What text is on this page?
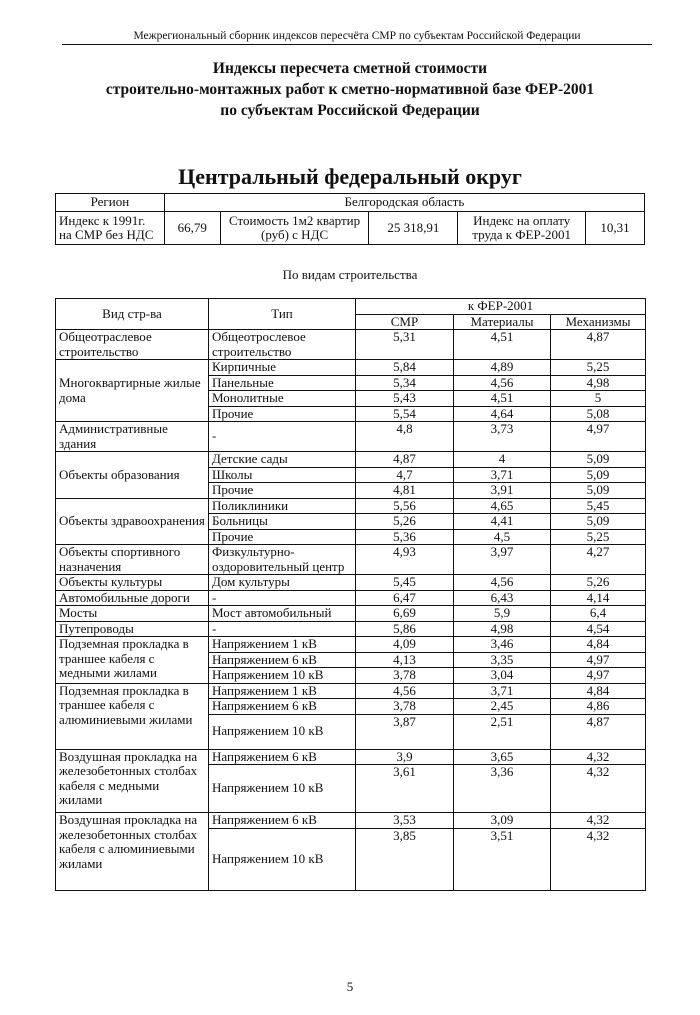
Межрегиональный сборник индексов пересчёта СМР по субъектам Российской Федерации
Индексы пересчета сметной стоимости
строительно-монтажных работ к сметно-нормативной базе ФЕР-2001
по субъектам Российской Федерации
Центральный федеральный округ
Регион	Белгородская область				
Индекс к 1991г. на СМР без НДС	66,79	Стоимость 1м2 квартир (руб) с НДС	25 318,91	Индекс на оплату труда к ФЕР-2001	10,31
По видам строительства
Вид стр-ва	Тип	к ФЕР-2001		
		СМР	Материалы	Механизмы
Общеотраслевое строительство	Общеотрослевое строительство	5,31	4,51	4,87
Многоквартирные жилые дома	Кирпичные	5,84	4,89	5,25
	Панельные	5,34	4,56	4,98
	Монолитные	5,43	4,51	5
	Прочие	5,54	4,64	5,08
Административные здания	-	4,8	3,73	4,97
Объекты образования	Детские сады	4,87	4	5,09
	Школы	4,7	3,71	5,09
	Прочие	4,81	3,91	5,09
Объекты здравоохранения	Поликлиники	5,56	4,65	5,45
	Больницы	5,26	4,41	5,09
	Прочие	5,36	4,5	5,25
Объекты спортивного назначения	Физкультурно-оздоровительный центр	4,93	3,97	4,27
Объекты культуры	Дом культуры	5,45	4,56	5,26
Автомобильные дороги	-	6,47	6,43	4,14
Мосты	Мост автомобильный	6,69	5,9	6,4
Путепроводы	-	5,86	4,98	4,54
Подземная прокладка в траншее кабеля с медными жилами	Напряжением 1 кВ	4,09	3,46	4,84
	Напряжением 6 кВ	4,13	3,35	4,97
	Напряжением 10 кВ	3,78	3,04	4,97
Подземная прокладка в траншее кабеля с алюминиевыми жилами	Напряжением 1 кВ	4,56	3,71	4,84
	Напряжением 6 кВ	3,78	2,45	4,86
	Напряжением 10 кВ	3,87	2,51	4,87
Воздушная прокладка на железобетонных столбах кабеля с медными жилами	Напряжением 6 кВ	3,9	3,65	4,32
	Напряжением 10 кВ	3,61	3,36	4,32
Воздушная прокладка на железобетонных столбах кабеля с алюминиевыми жилами	Напряжением 6 кВ	3,53	3,09	4,32
	Напряжением 10 кВ	3,85	3,51	4,32
5
